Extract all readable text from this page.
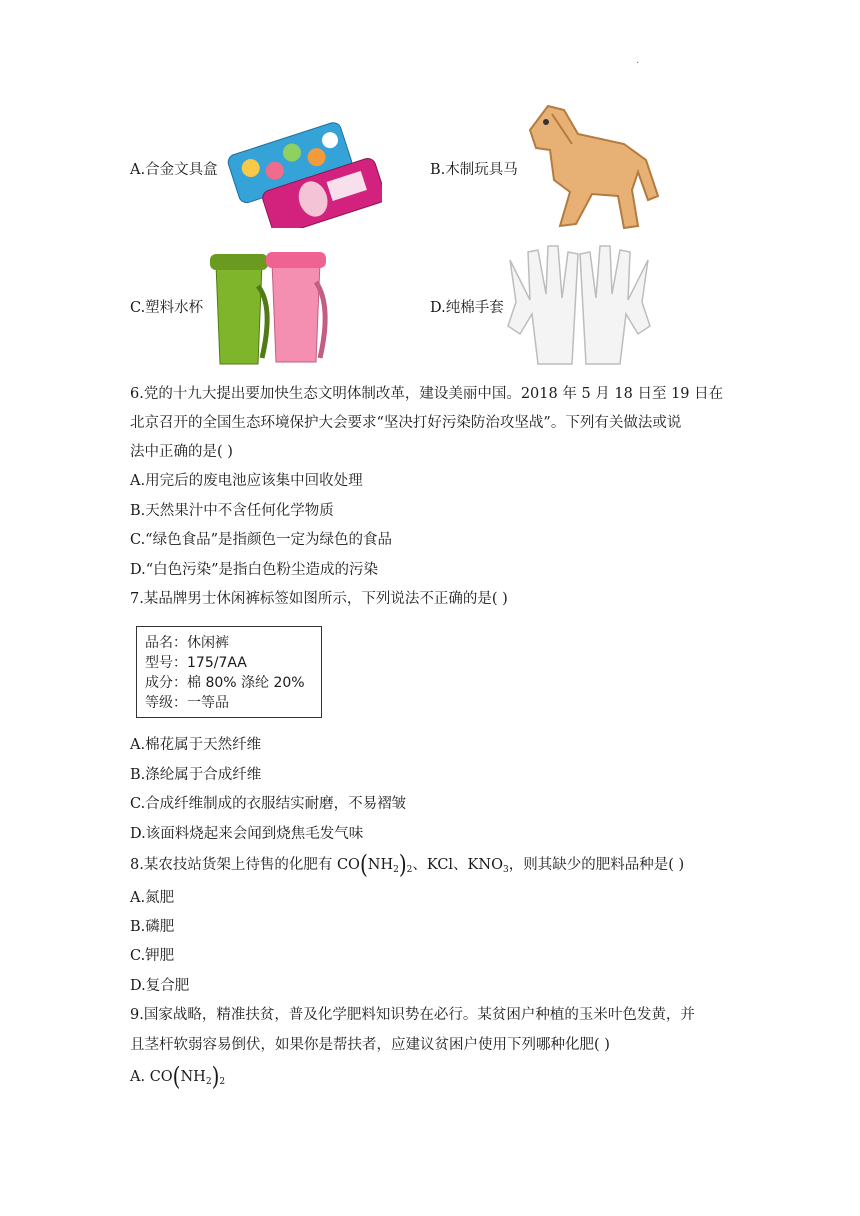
·
A.合金文具盒	B.木制玩具马
C.塑料水杯	D.纯棉手套
6.党的十九大提出要加快生态文明体制改革，建设美丽中国。2018 年 5 月 18 日至 19 日在
北京召开的全国生态环境保护大会要求“坚决打好污染防治攻坚战”。下列有关做法或说
法中正确的是( )
A.用完后的废电池应该集中回收处理
B.天然果汁中不含任何化学物质
C.“绿色食品”是指颜色一定为绿色的食品
D.“白色污染”是指白色粉尘造成的污染
7.某品牌男士休闲裤标签如图所示，下列说法不正确的是( )
品名：休闲裤
型号：175/7AA
成分：棉 80% 涤纶 20%
等级：一等品
A.棉花属于天然纤维
B.涤纶属于合成纤维
C.合成纤维制成的衣服结实耐磨，不易褶皱
D.该面料烧起来会闻到烧焦毛发气味
8.某农技站货架上待售的化肥有 $CO(NH_2)_2$、KCl、$KNO_3$，则其缺少的肥料品种是( )
A.氮肥
B.磷肥
C.钾肥
D.复合肥
9.国家战略，精准扶贫，普及化学肥料知识势在必行。某贫困户种植的玉米叶色发黄，并
且茎杆软弱容易倒伏，如果你是帮扶者，应建议贫困户使用下列哪种化肥( )
A. $CO(NH_2)_2$
